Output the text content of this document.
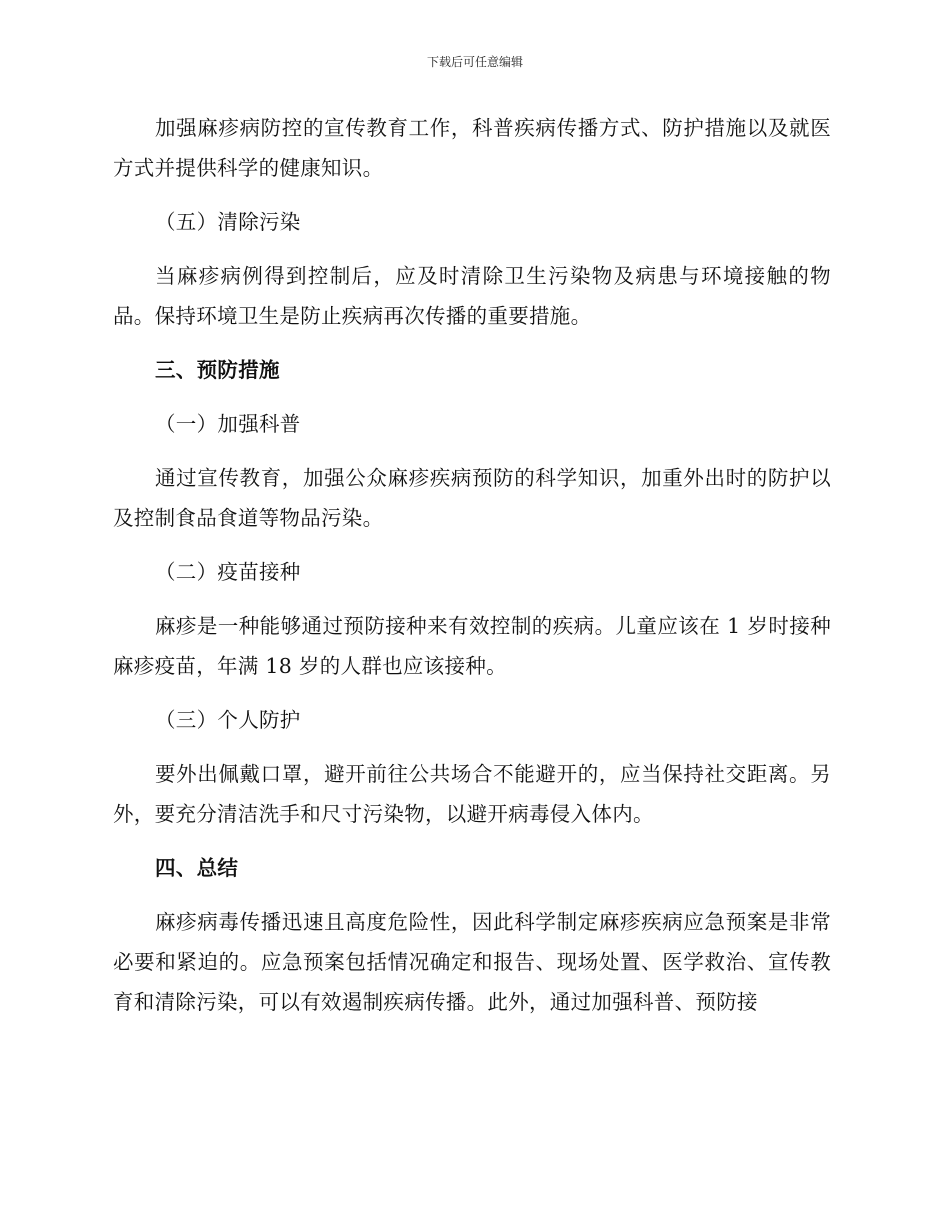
下载后可任意编辑

加强麻疹病防控的宣传教育工作，科普疾病传播方式、防护措施以及就医方式并提供科学的健康知识。

（五）清除污染

当麻疹病例得到控制后，应及时清除卫生污染物及病患与环境接触的物品。保持环境卫生是防止疾病再次传播的重要措施。

三、预防措施

（一）加强科普

通过宣传教育，加强公众麻疹疾病预防的科学知识，加重外出时的防护以及控制食品食道等物品污染。

（二）疫苗接种

麻疹是一种能够通过预防接种来有效控制的疾病。儿童应该在 1 岁时接种麻疹疫苗，年满 18 岁的人群也应该接种。

（三）个人防护

要外出佩戴口罩，避开前往公共场合不能避开的，应当保持社交距离。另外，要充分清洁洗手和尺寸污染物，以避开病毒侵入体内。

四、总结

麻疹病毒传播迅速且高度危险性，因此科学制定麻疹疾病应急预案是非常必要和紧迫的。应急预案包括情况确定和报告、现场处置、医学救治、宣传教育和清除污染，可以有效遏制疾病传播。此外，通过加强科普、预防接
